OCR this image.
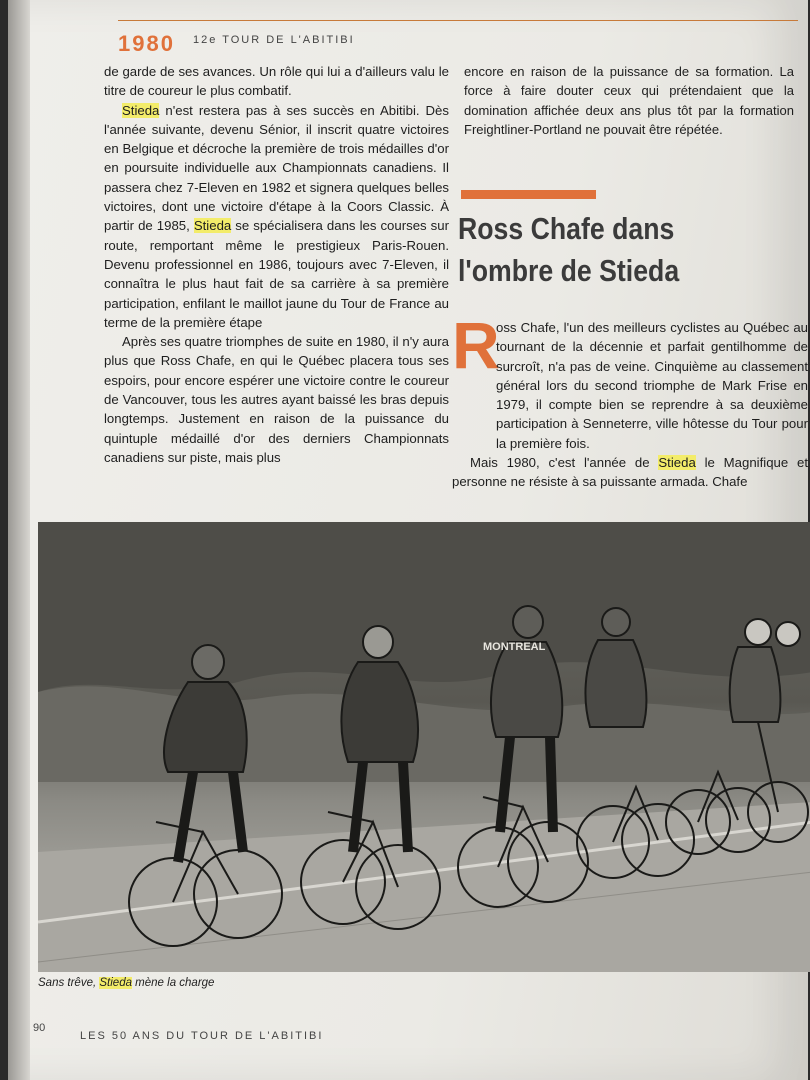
1980 12e TOUR DE L'ABITIBI

de garde de ses avances. Un rôle qui lui a d'ailleurs valu le titre de coureur le plus combatif.

Stieda n'est restera pas à ses succès en Abitibi. Dès l'année suivante, devenu Sénior, il inscrit quatre victoires en Belgique et décroche la première de trois médailles d'or en poursuite individuelle aux Championnats canadiens. Il passera chez 7-Eleven en 1982 et signera quelques belles victoires, dont une victoire d'étape à la Coors Classic. À partir de 1985, Stieda se spécialisera dans les courses sur route, remportant même le prestigieux Paris-Rouen. Devenu professionnel en 1986, toujours avec 7-Eleven, il connaîtra le plus haut fait de sa carrière à sa première participation, enfilant le maillot jaune du Tour de France au terme de la première étape

Après ses quatre triomphes de suite en 1980, il n'y aura plus que Ross Chafe, en qui le Québec placera tous ses espoirs, pour encore espérer une victoire contre le coureur de Vancouver, tous les autres ayant baissé les bras depuis longtemps. Justement en raison de la puissance du quintuple médaillé d'or des derniers Championnats canadiens sur piste, mais plus

encore en raison de la puissance de sa formation. La force à faire douter ceux qui prétendaient que la domination affichée deux ans plus tôt par la formation Freightliner-Portland ne pouvait être répétée.

Ross Chafe dans
l'ombre de Stieda
R

oss Chafe, l'un des meilleurs cyclistes au Québec au tournant de la décennie et parfait gentilhomme de surcroît, n'a pas de veine. Cinquième au classement général lors du second triomphe de Mark Frise en 1979, il compte bien se reprendre à sa deuxième participation à Senneterre, ville hôtesse du Tour pour la première fois.

Mais 1980, c'est l'année de Stieda le Magnifique et personne ne résiste à sa puissante armada. Chafe

MONTREAL
Sans trêve, Stieda mène la charge
90
LES 50 ANS DU TOUR DE L'ABITIBI
